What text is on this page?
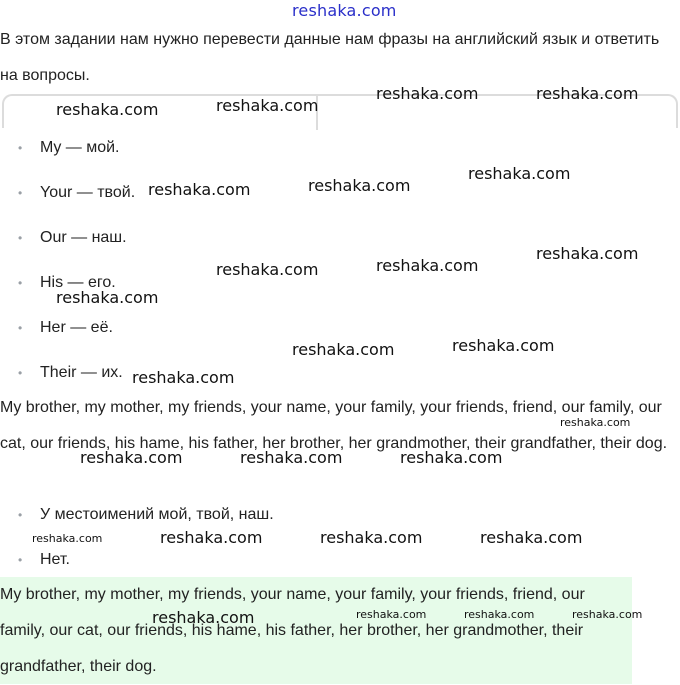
reshaka.com

В этом задании нам нужно перевести данные нам фразы на английский язык и ответить на вопросы.

• My — мой.
• Your — твой.
• Our — наш.
• His — его.
• Her — её.
• Their — их.

My brother, my mother, my friends, your name, your family, your friends, friend, our family, our cat, our friends, his hame, his father, her brother, her grandmother, their grandfather, their dog.

• У местоимений мой, твой, наш.
• Нет.

My brother, my mother, my friends, your name, your family, your friends, friend, our family, our cat, our friends, his hame, his father, her brother, her grandmother, their grandfather, their dog.

reshaka.com	reshaka.com
reshaka.com	reshaka.com
reshaka.com	reshaka.com
reshaka.com
reshaka.com
reshaka.com	reshaka.com
reshaka.com
reshaka.com	reshaka.com
reshaka.com
reshaka.com
reshaka.com	reshaka.com	reshaka.com
reshaka.com	reshaka.com	reshaka.com	reshaka.com
reshaka.com	reshaka.com	reshaka.com	reshaka.com
